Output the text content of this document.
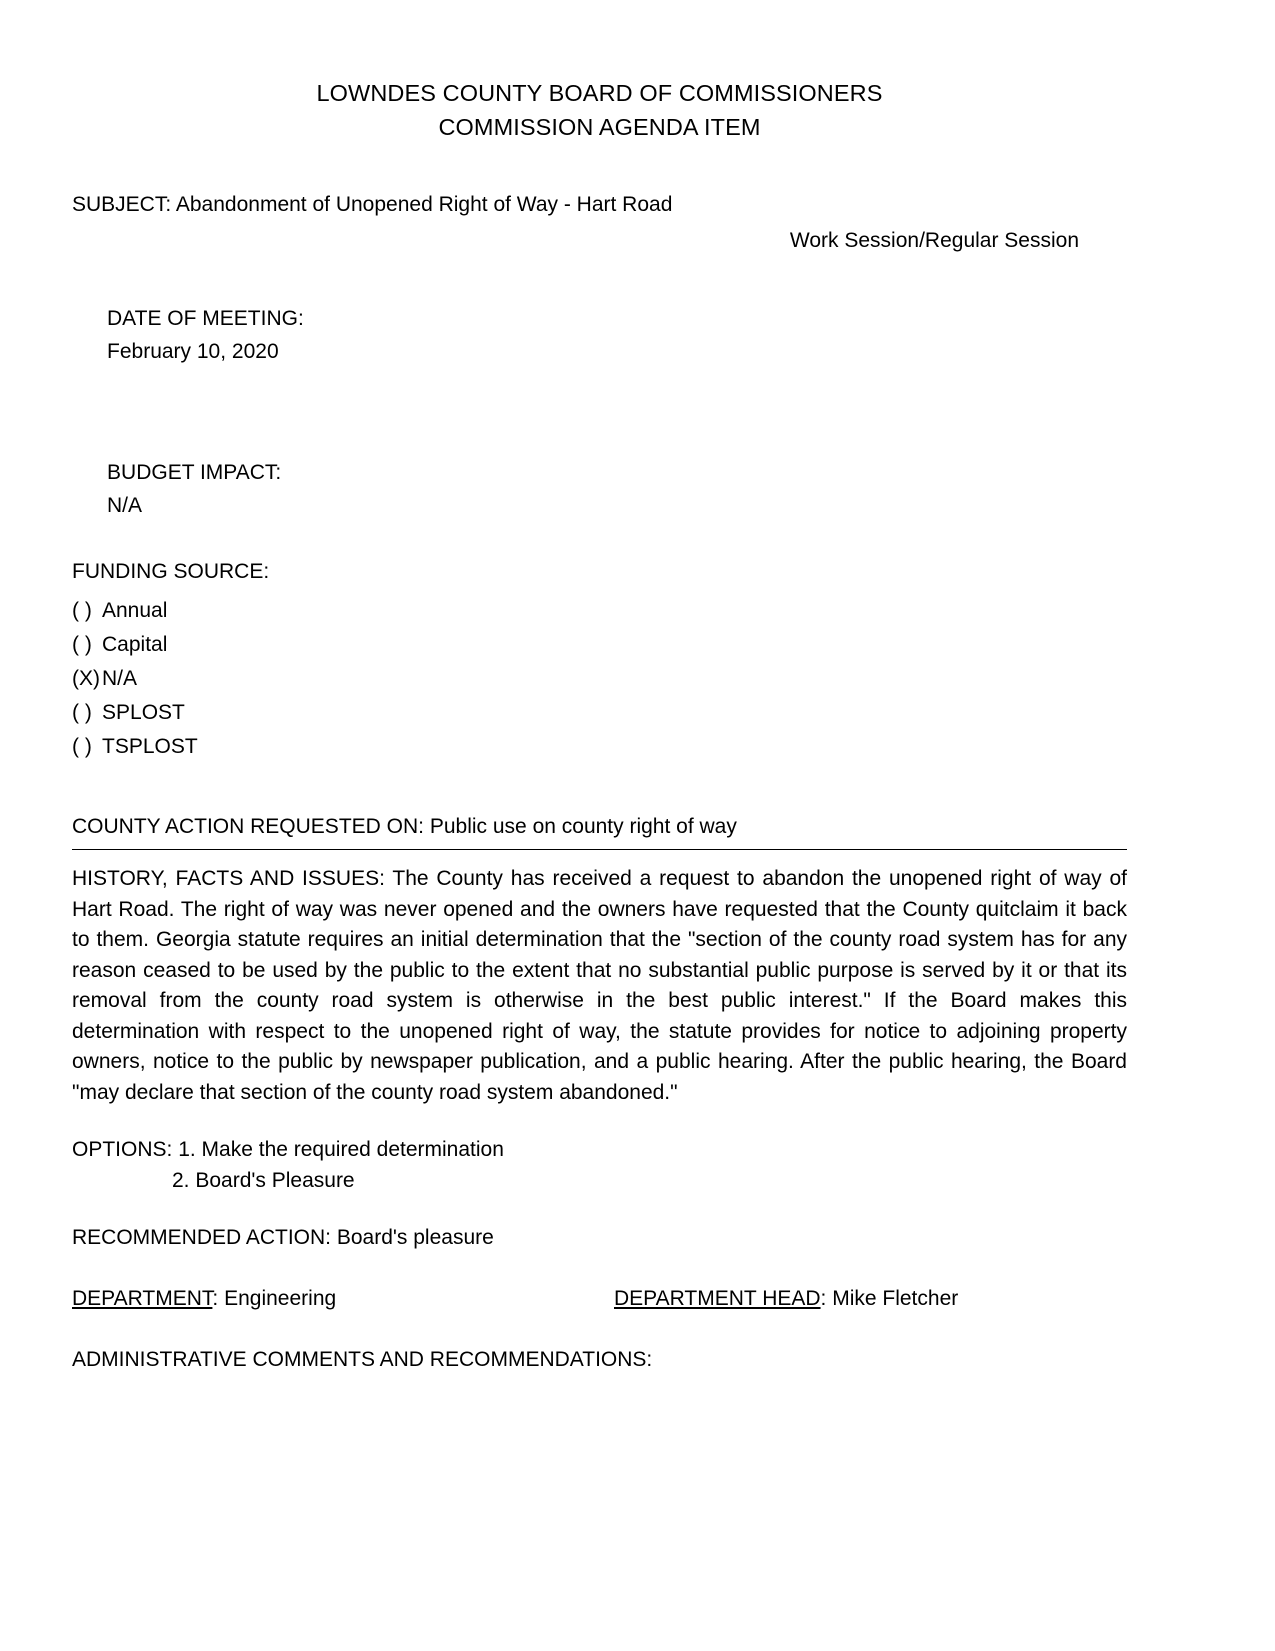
LOWNDES COUNTY BOARD OF COMMISSIONERS
COMMISSION AGENDA ITEM
SUBJECT: Abandonment of Unopened Right of Way - Hart Road
Work Session/Regular Session

DATE OF MEETING:
February 10, 2020

BUDGET IMPACT:
N/A

FUNDING SOURCE:
( ) Annual
( ) Capital
(X) N/A
( ) SPLOST
( ) TSPLOST
COUNTY ACTION REQUESTED ON: Public use on county right of way
HISTORY, FACTS AND ISSUES: The County has received a request to abandon the unopened right of way of Hart Road. The right of way was never opened and the owners have requested that the County quitclaim it back to them. Georgia statute requires an initial determination that the "section of the county road system has for any reason ceased to be used by the public to the extent that no substantial public purpose is served by it or that its removal from the county road system is otherwise in the best public interest." If the Board makes this determination with respect to the unopened right of way, the statute provides for notice to adjoining property owners, notice to the public by newspaper publication, and a public hearing. After the public hearing, the Board "may declare that section of the county road system abandoned."
OPTIONS: 1. Make the required determination
2. Board's Pleasure
RECOMMENDED ACTION: Board's pleasure
DEPARTMENT: Engineering	DEPARTMENT HEAD: Mike Fletcher
ADMINISTRATIVE COMMENTS AND RECOMMENDATIONS:
